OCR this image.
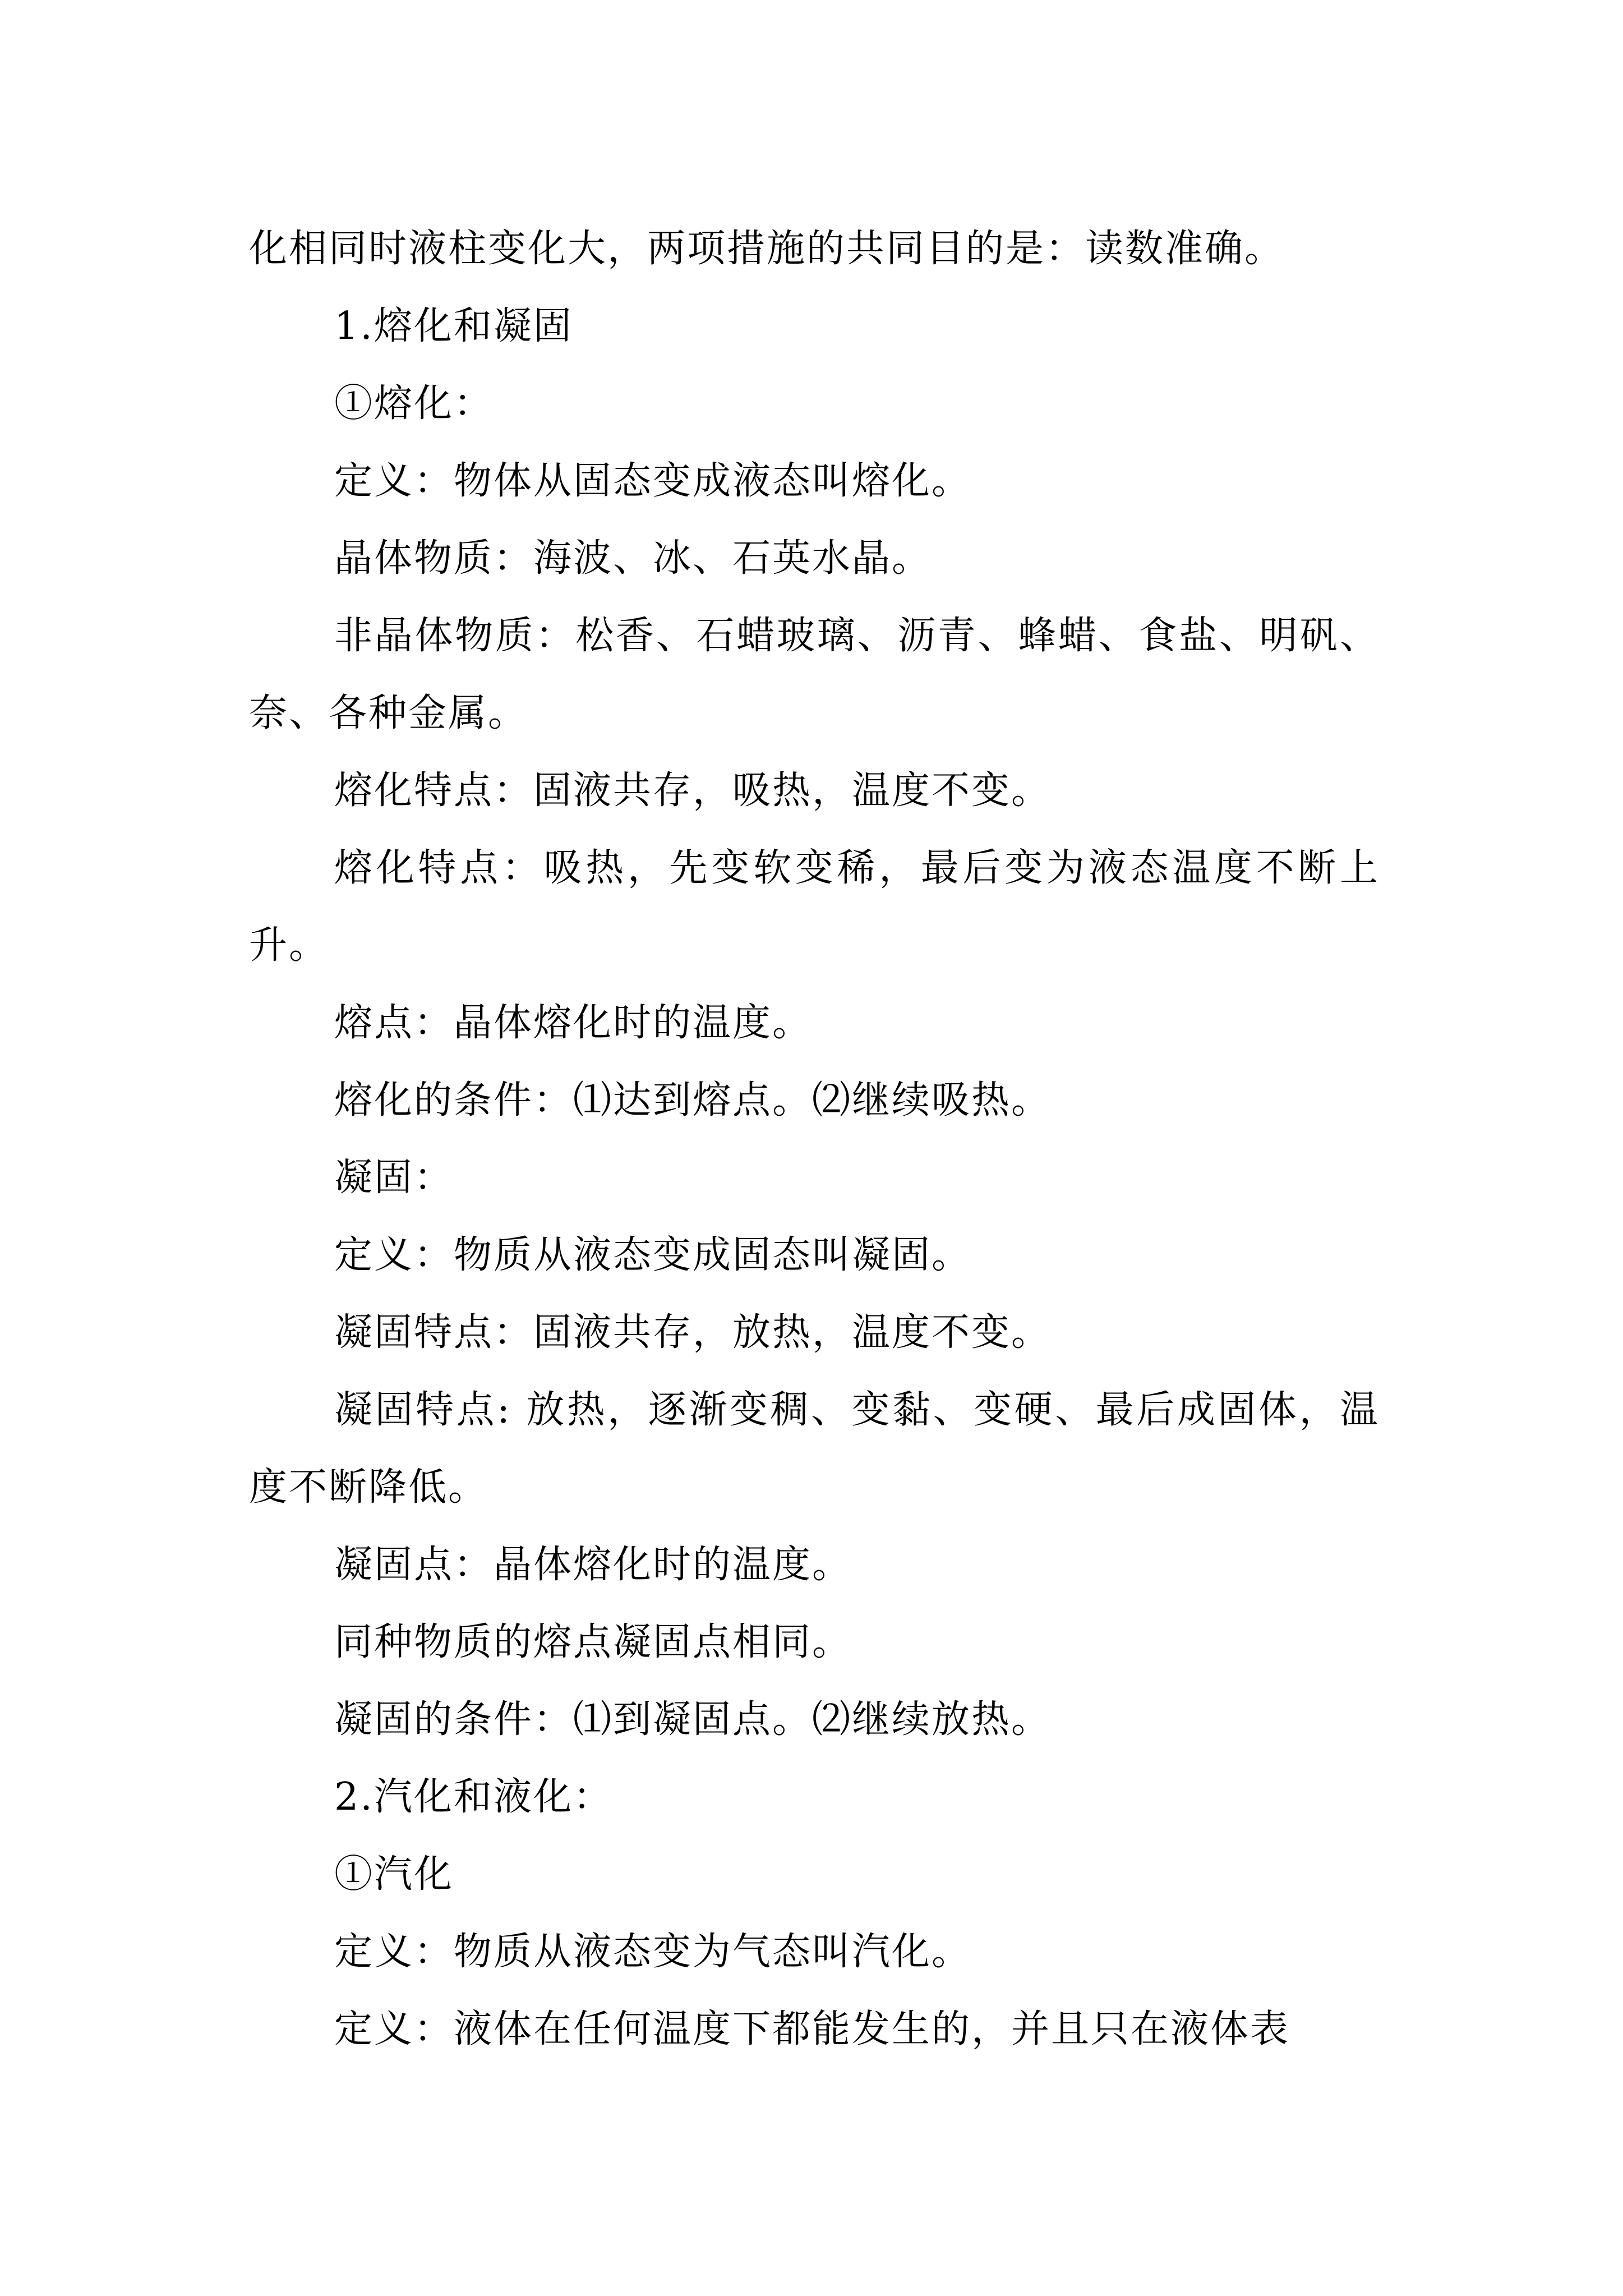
化相同时液柱变化大，两项措施的共同目的是：读数准确。

1.熔化和凝固

①熔化：

定义：物体从固态变成液态叫熔化。

晶体物质：海波、冰、石英水晶。

非晶体物质：松香、石蜡玻璃、沥青、蜂蜡、食盐、明矾、奈、各种金属。

熔化特点：固液共存，吸热，温度不变。

熔化特点：吸热，先变软变稀，最后变为液态温度不断上升。

熔点：晶体熔化时的温度。

熔化的条件：⑴达到熔点。⑵继续吸热。

凝固：

定义：物质从液态变成固态叫凝固。

凝固特点：固液共存，放热，温度不变。

凝固特点: 放热，逐渐变稠、变黏、变硬、最后成固体，温度不断降低。

凝固点：晶体熔化时的温度。

同种物质的熔点凝固点相同。

凝固的条件：⑴到凝固点。⑵继续放热。

2.汽化和液化：

①汽化

定义：物质从液态变为气态叫汽化。

定义：液体在任何温度下都能发生的，并且只在液体表
